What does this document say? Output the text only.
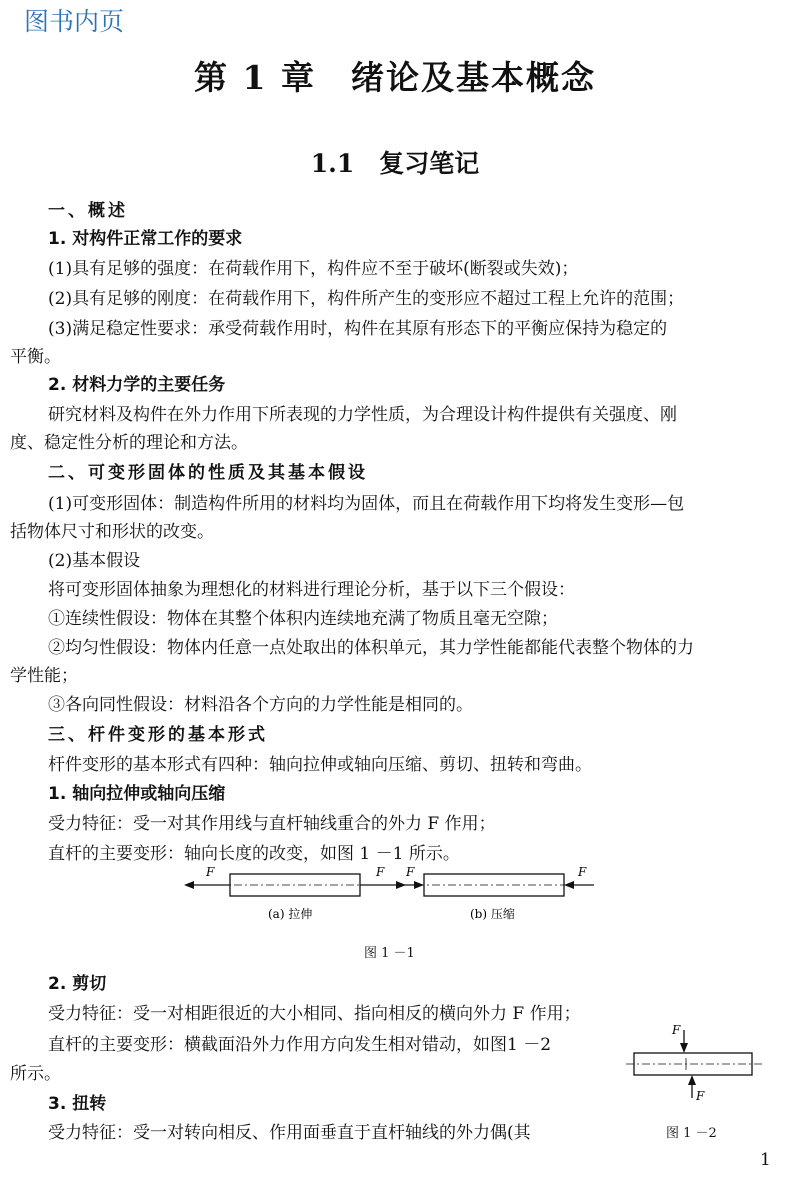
图书内页
第 1 章　绪论及基本概念
1.1　复习笔记
一、概述
1. 对构件正常工作的要求
(1)具有足够的强度：在荷载作用下，构件应不至于破坏(断裂或失效)；
(2)具有足够的刚度：在荷载作用下，构件所产生的变形应不超过工程上允许的范围；
(3)满足稳定性要求：承受荷载作用时，构件在其原有形态下的平衡应保持为稳定的
平衡。
2. 材料力学的主要任务
研究材料及构件在外力作用下所表现的力学性质，为合理设计构件提供有关强度、刚
度、稳定性分析的理论和方法。
二、可变形固体的性质及其基本假设
(1)可变形固体：制造构件所用的材料均为固体，而且在荷载作用下均将发生变形—包
括物体尺寸和形状的改变。
(2)基本假设
将可变形固体抽象为理想化的材料进行理论分析，基于以下三个假设：
①连续性假设：物体在其整个体积内连续地充满了物质且毫无空隙；
②均匀性假设：物体内任意一点处取出的体积单元，其力学性能都能代表整个物体的力
学性能；
③各向同性假设：材料沿各个方向的力学性能是相同的。
三、杆件变形的基本形式
杆件变形的基本形式有四种：轴向拉伸或轴向压缩、剪切、扭转和弯曲。
1. 轴向拉伸或轴向压缩
受力特征：受一对其作用线与直杆轴线重合的外力 F 作用；
直杆的主要变形：轴向长度的改变，如图 1 －1 所示。
F	F F	F
(a) 拉伸	(b) 压缩
图 1 －1
2. 剪切
受力特征：受一对相距很近的大小相同、指向相反的横向外力 F 作用；
直杆的主要变形：横截面沿外力作用方向发生相对错动，如图1 －2
所示。
F
F
3. 扭转
受力特征：受一对转向相反、作用面垂直于直杆轴线的外力偶(其	图 1 －2
1
